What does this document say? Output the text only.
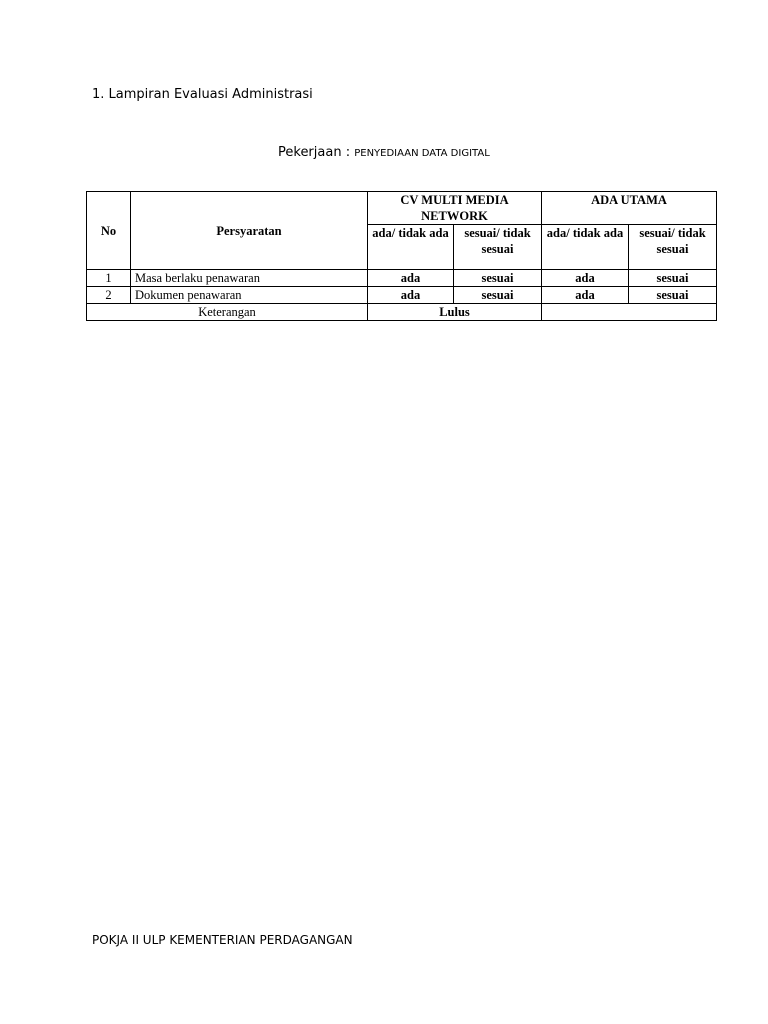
1. Lampiran Evaluasi Administrasi
Pekerjaan : PENYEDIAAN DATA DIGITAL
No	Persyaratan	CV MULTI MEDIA NETWORK		ADA UTAMA	
		ada/ tidak ada	sesuai/ tidak sesuai	ada/ tidak ada	sesuai/ tidak sesuai
1	Masa berlaku penawaran	ada	sesuai	ada	sesuai
2	Dokumen penawaran	ada	sesuai	ada	sesuai
Keterangan		Lulus			
POKJA II ULP KEMENTERIAN PERDAGANGAN
